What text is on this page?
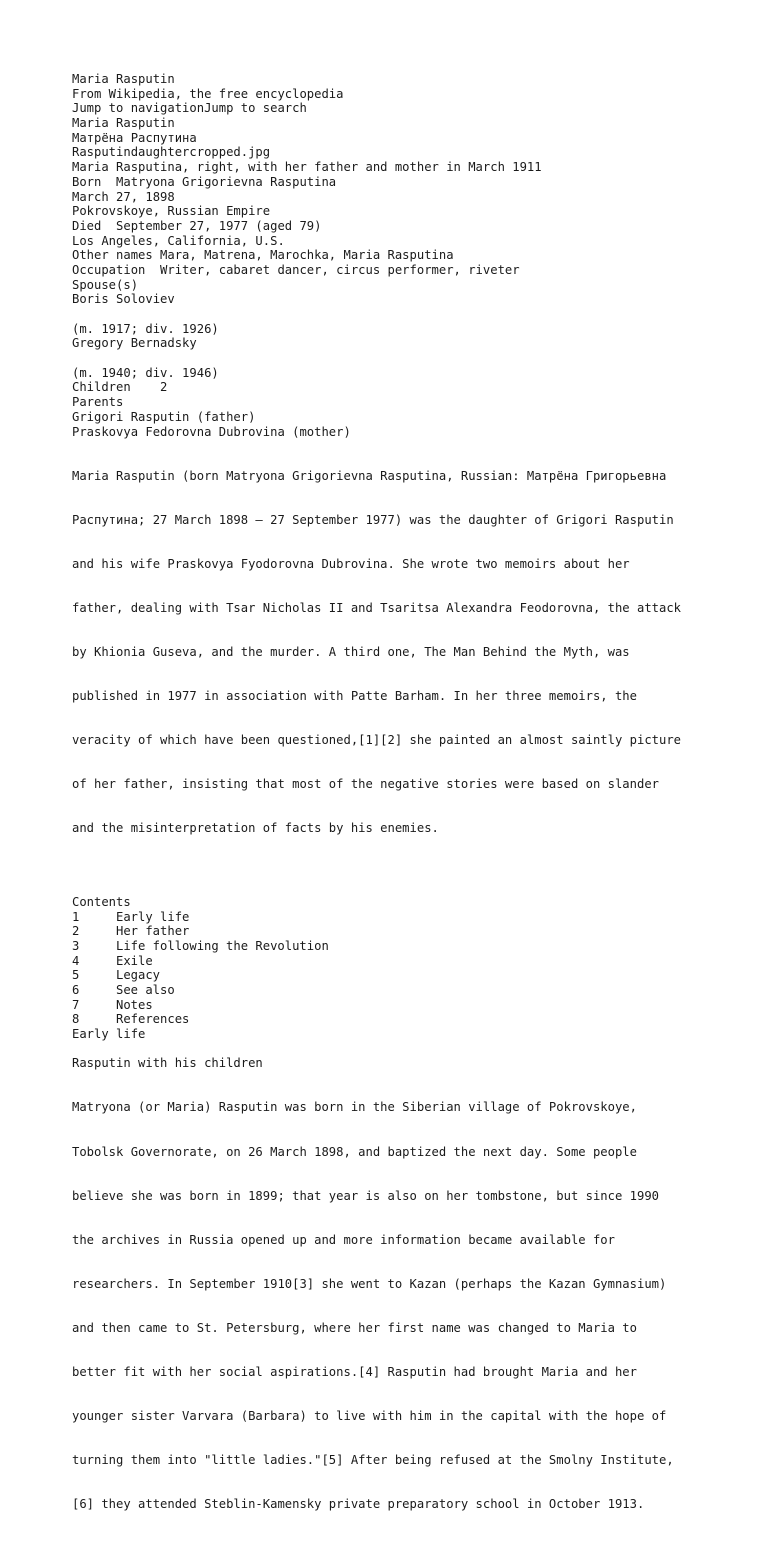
Maria Rasputin
From Wikipedia, the free encyclopedia
Jump to navigationJump to search
Maria Rasputin
Матрёна Распутина
Rasputindaughtercropped.jpg
Maria Rasputina, right, with her father and mother in March 1911
Born  Matryona Grigorievna Rasputina
March 27, 1898
Pokrovskoye, Russian Empire
Died  September 27, 1977 (aged 79)
Los Angeles, California, U.S.
Other names Mara, Matrena, Marochka, Maria Rasputina
Occupation  Writer, cabaret dancer, circus performer, riveter
Spouse(s)
Boris Soloviev
(m. 1917; div. 1926)
Gregory Bernadsky
(m. 1940; div. 1946)
Children    2
Parents
Grigori Rasputin (father)
Praskovya Fedorovna Dubrovina (mother)

Maria Rasputin (born Matryona Grigorievna Rasputina, Russian: Матрёна Григорьевна

Распутина; 27 March 1898 – 27 September 1977) was the daughter of Grigori Rasputin

and his wife Praskovya Fyodorovna Dubrovina. She wrote two memoirs about her

father, dealing with Tsar Nicholas II and Tsaritsa Alexandra Feodorovna, the attack

by Khionia Guseva, and the murder. A third one, The Man Behind the Myth, was

published in 1977 in association with Patte Barham. In her three memoirs, the

veracity of which have been questioned,[1][2] she painted an almost saintly picture

of her father, insisting that most of the negative stories were based on slander

and the misinterpretation of facts by his enemies.

Contents
1	Early life
2	Her father
3	Life following the Revolution
4	Exile
5	Legacy
6	See also
7	Notes
8	References
Early life
Rasputin with his children

Matryona (or Maria) Rasputin was born in the Siberian village of Pokrovskoye,

Tobolsk Governorate, on 26 March 1898, and baptized the next day. Some people

believe she was born in 1899; that year is also on her tombstone, but since 1990

the archives in Russia opened up and more information became available for

researchers. In September 1910[3] she went to Kazan (perhaps the Kazan Gymnasium)

and then came to St. Petersburg, where her first name was changed to Maria to

better fit with her social aspirations.[4] Rasputin had brought Maria and her

younger sister Varvara (Barbara) to live with him in the capital with the hope of

turning them into "little ladies."[5] After being refused at the Smolny Institute,

[6] they attended Steblin-Kamensky private preparatory school in October 1913.
